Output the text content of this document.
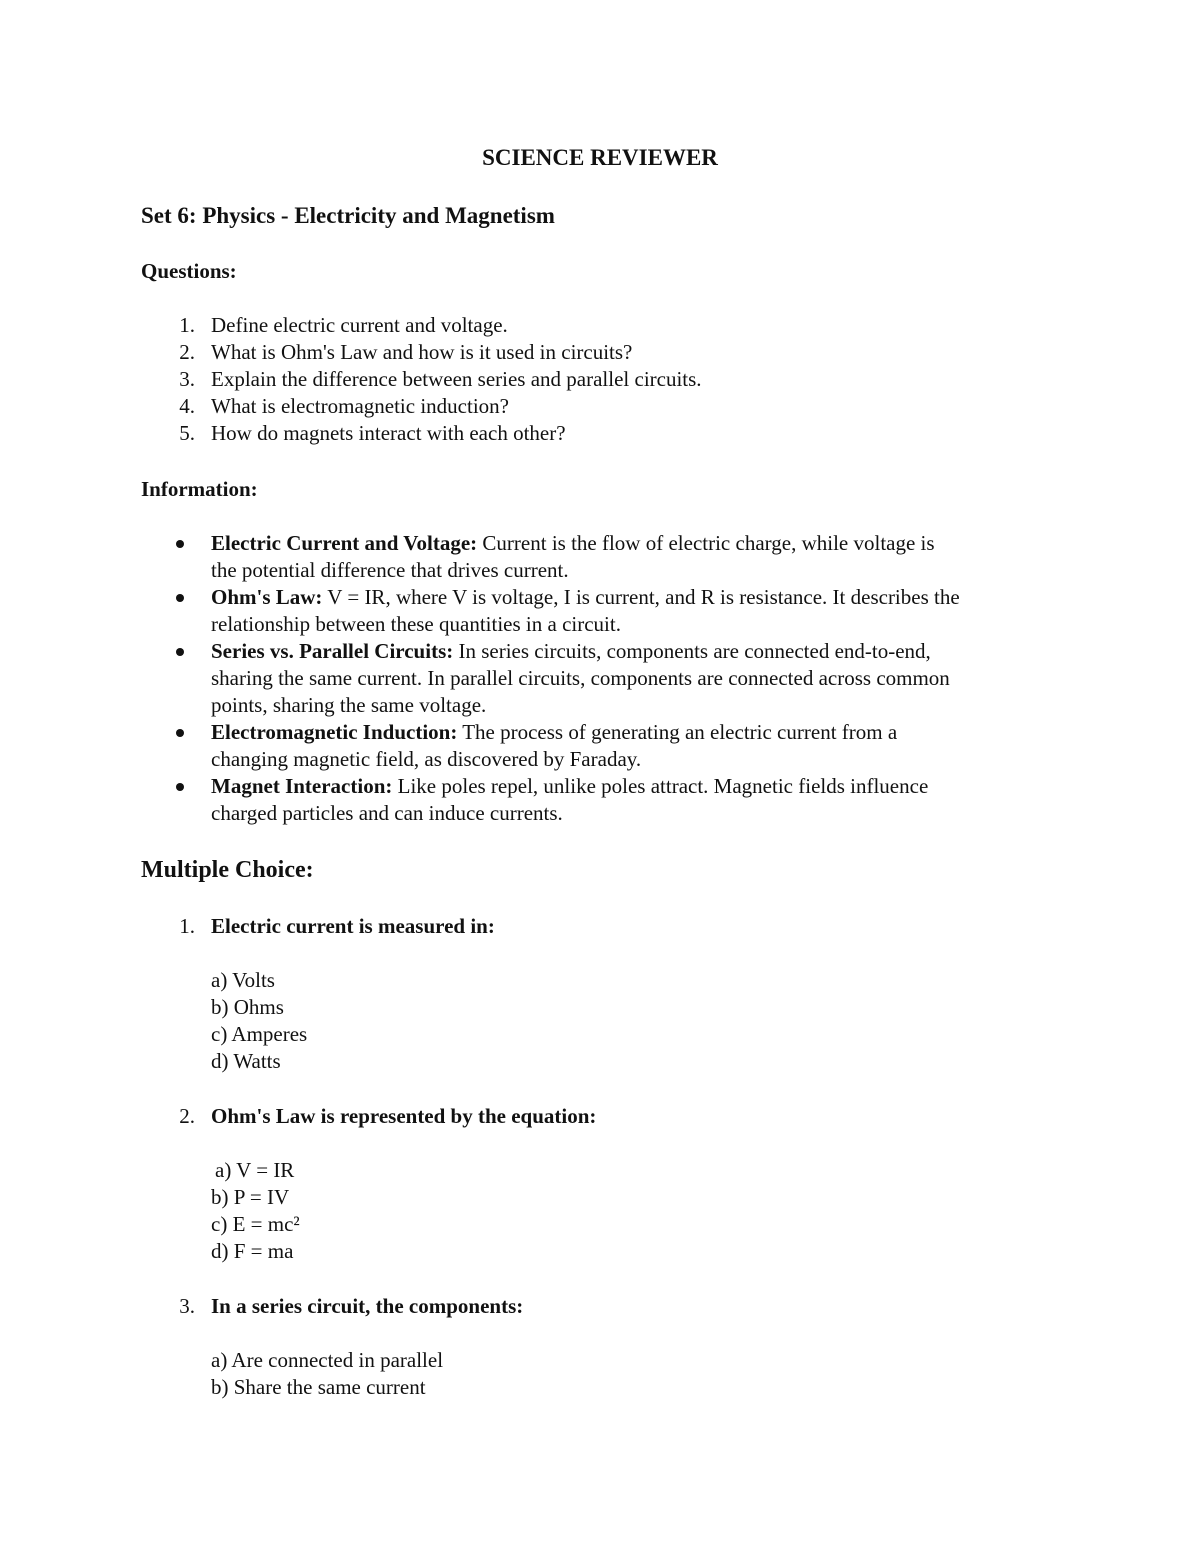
SCIENCE REVIEWER
Set 6: Physics - Electricity and Magnetism
Questions:
1. Define electric current and voltage.
2. What is Ohm's Law and how is it used in circuits?
3. Explain the difference between series and parallel circuits.
4. What is electromagnetic induction?
5. How do magnets interact with each other?
Information:
Electric Current and Voltage: Current is the flow of electric charge, while voltage is
the potential difference that drives current.
Ohm's Law: V = IR, where V is voltage, I is current, and R is resistance. It describes the
relationship between these quantities in a circuit.
Series vs. Parallel Circuits: In series circuits, components are connected end-to-end,
sharing the same current. In parallel circuits, components are connected across common
points, sharing the same voltage.
Electromagnetic Induction: The process of generating an electric current from a
changing magnetic field, as discovered by Faraday.
Magnet Interaction: Like poles repel, unlike poles attract. Magnetic fields influence
charged particles and can induce currents.
Multiple Choice:
1. Electric current is measured in:
a) Volts
b) Ohms
c) Amperes
d) Watts
2. Ohm's Law is represented by the equation:
a) V = IR
b) P = IV
c) E = mc²
d) F = ma
3. In a series circuit, the components:
a) Are connected in parallel
b) Share the same current
